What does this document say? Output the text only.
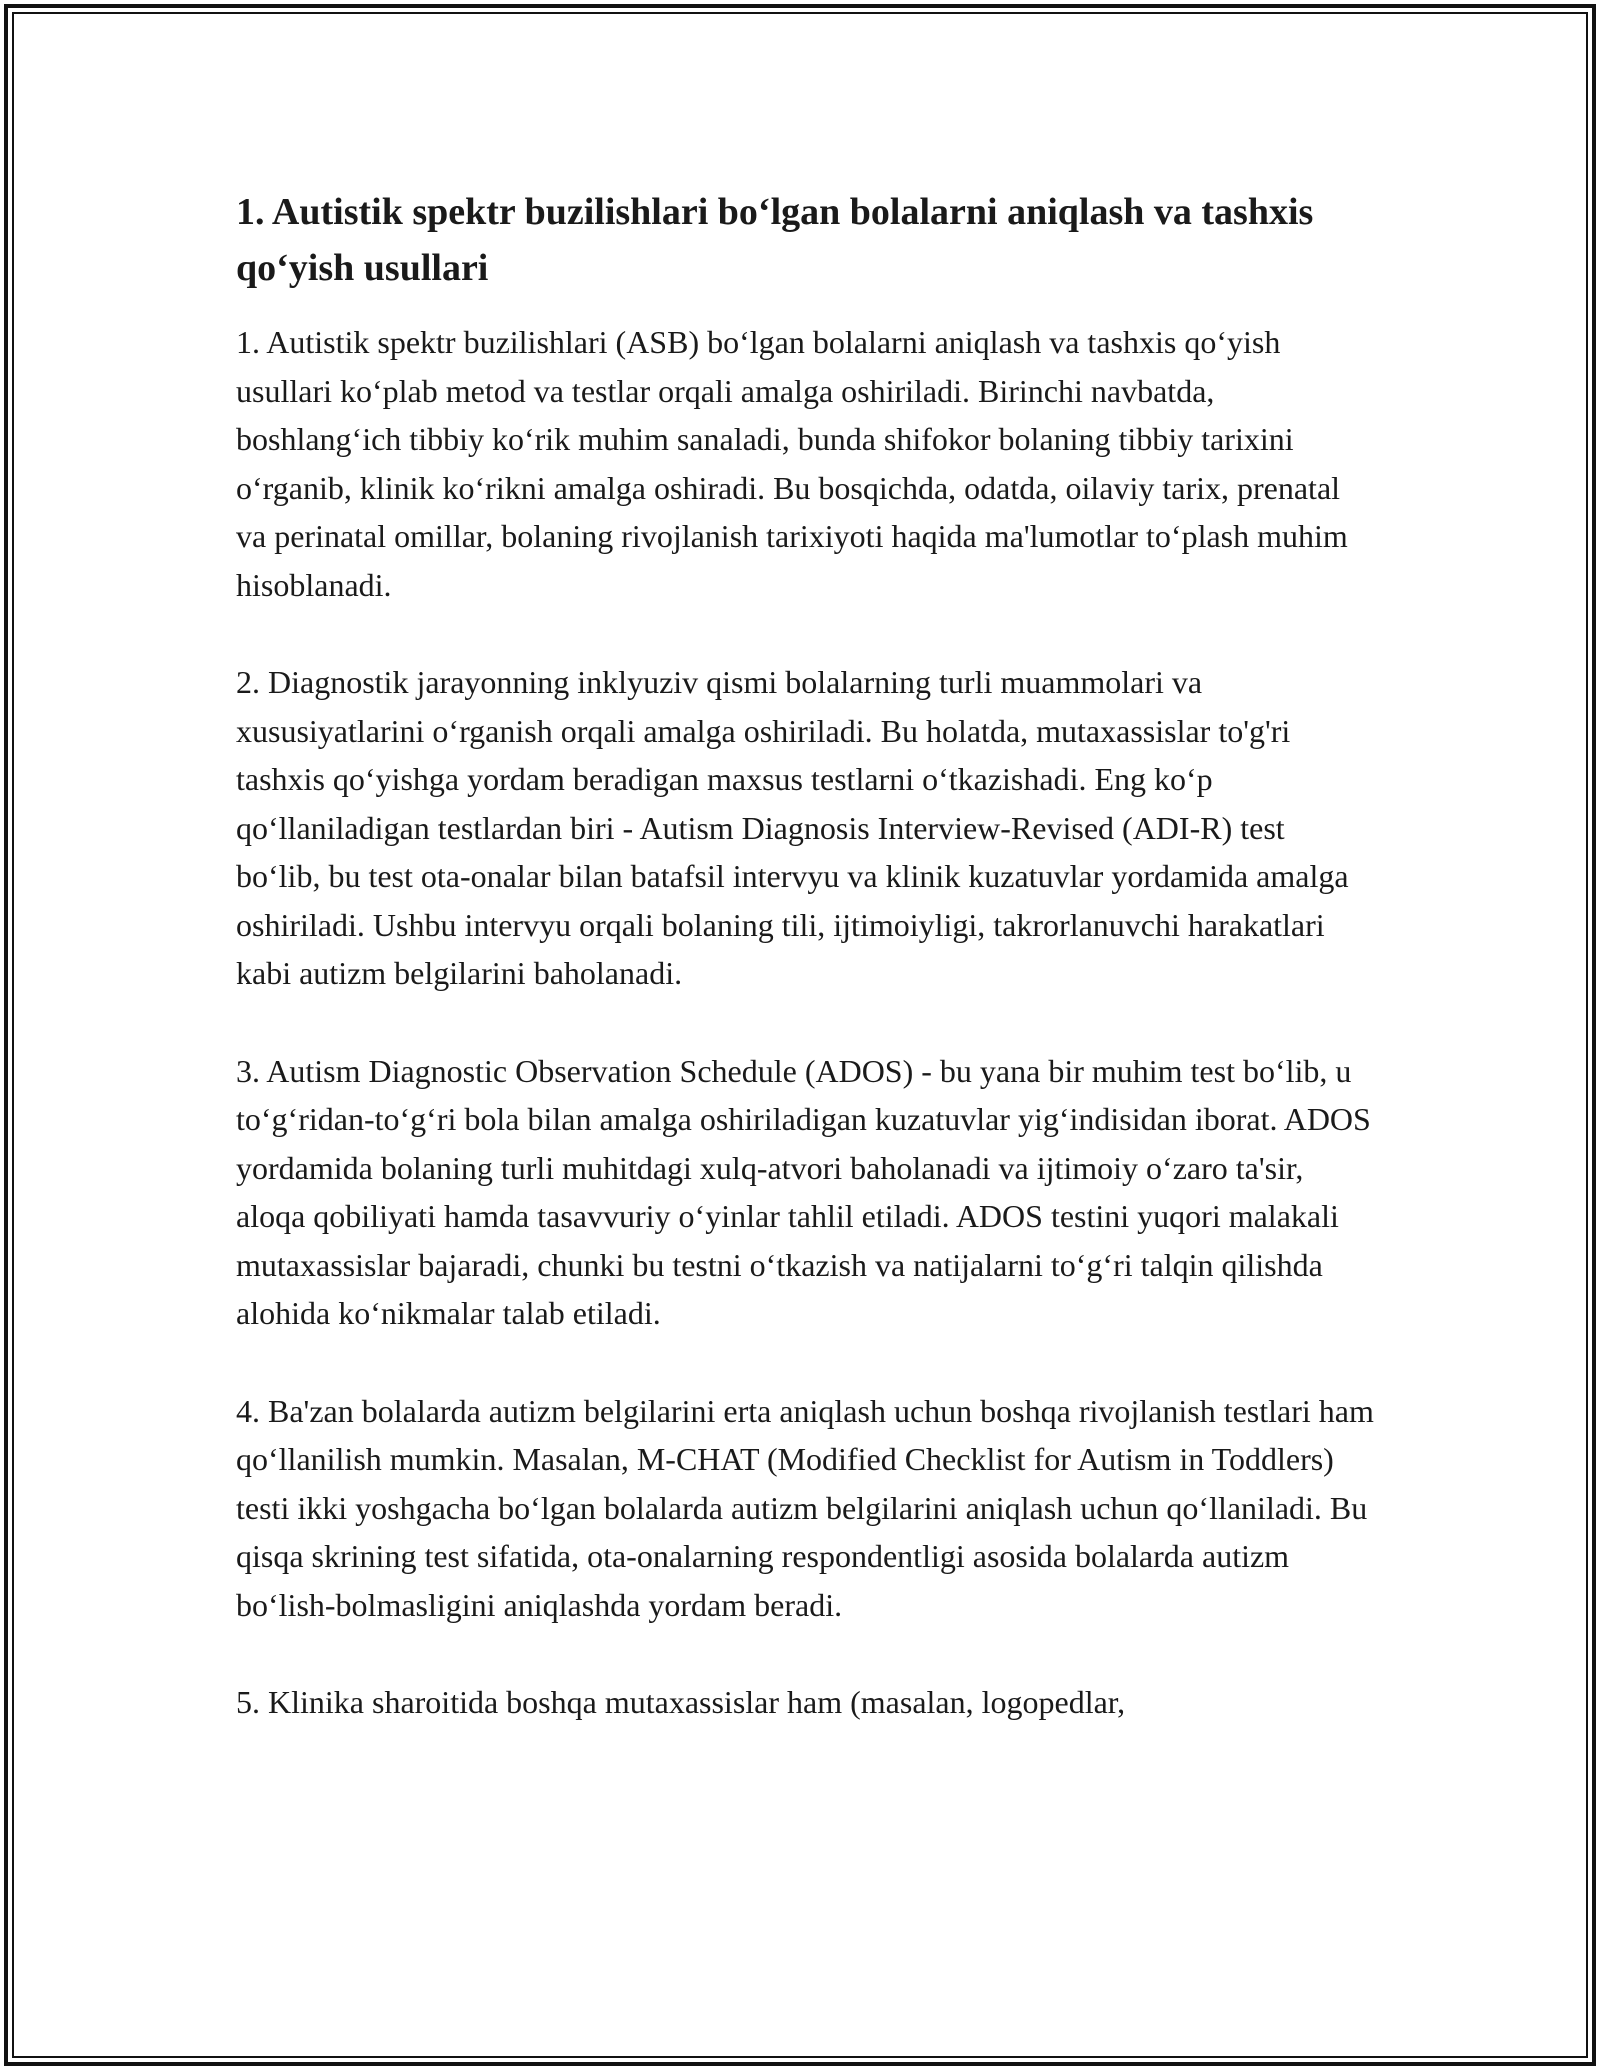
1. Autistik spektr buzilishlari bo‘lgan bolalarni aniqlash va tashxis qo‘yish usullari

1. Autistik spektr buzilishlari (ASB) bo‘lgan bolalarni aniqlash va tashxis qo‘yish usullari ko‘plab metod va testlar orqali amalga oshiriladi. Birinchi navbatda, boshlang‘ich tibbiy ko‘rik muhim sanaladi, bunda shifokor bolaning tibbiy tarixini o‘rganib, klinik ko‘rikni amalga oshiradi. Bu bosqichda, odatda, oilaviy tarix, prenatal va perinatal omillar, bolaning rivojlanish tarixiyoti haqida ma'lumotlar to‘plash muhim hisoblanadi.

2. Diagnostik jarayonning inklyuziv qismi bolalarning turli muammolari va xususiyatlarini o‘rganish orqali amalga oshiriladi. Bu holatda, mutaxassislar to'g'ri tashxis qo‘yishga yordam beradigan maxsus testlarni o‘tkazishadi. Eng ko‘p qo‘llaniladigan testlardan biri - Autism Diagnosis Interview-Revised (ADI-R) test bo‘lib, bu test ota-onalar bilan batafsil intervyu va klinik kuzatuvlar yordamida amalga oshiriladi. Ushbu intervyu orqali bolaning tili, ijtimoiyligi, takrorlanuvchi harakatlari kabi autizm belgilarini baholanadi.

3. Autism Diagnostic Observation Schedule (ADOS) - bu yana bir muhim test bo‘lib, u to‘g‘ridan-to‘g‘ri bola bilan amalga oshiriladigan kuzatuvlar yig‘indisidan iborat. ADOS yordamida bolaning turli muhitdagi xulq-atvori baholanadi va ijtimoiy o‘zaro ta'sir, aloqa qobiliyati hamda tasavvuriy o‘yinlar tahlil etiladi. ADOS testini yuqori malakali mutaxassislar bajaradi, chunki bu testni o‘tkazish va natijalarni to‘g‘ri talqin qilishda alohida ko‘nikmalar talab etiladi.

4. Ba'zan bolalarda autizm belgilarini erta aniqlash uchun boshqa rivojlanish testlari ham qo‘llanilish mumkin. Masalan, M-CHAT (Modified Checklist for Autism in Toddlers) testi ikki yoshgacha bo‘lgan bolalarda autizm belgilarini aniqlash uchun qo‘llaniladi. Bu qisqa skrining test sifatida, ota-onalarning respondentligi asosida bolalarda autizm bo‘lish-bolmasligini aniqlashda yordam beradi.

5. Klinika sharoitida boshqa mutaxassislar ham (masalan, logopedlar,
